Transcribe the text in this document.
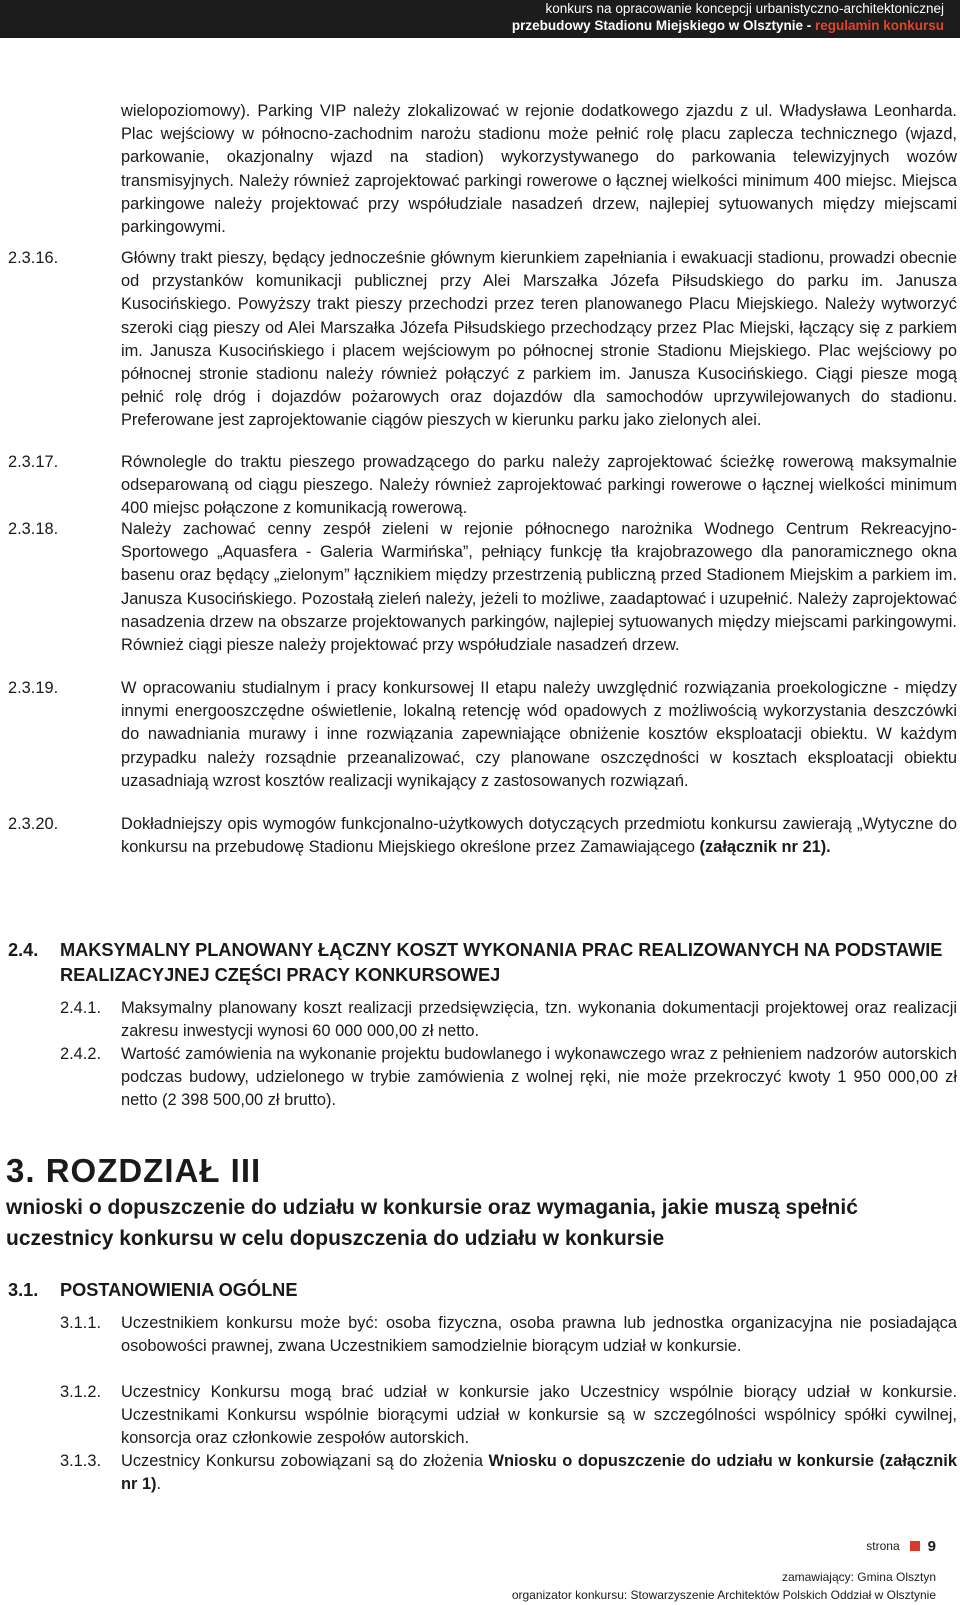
konkurs na opracowanie koncepcji urbanistyczno-architektonicznej
przebudowy Stadionu Miejskiego w Olsztynie - regulamin konkursu

wielopoziomowy). Parking VIP należy zlokalizować w rejonie dodatkowego zjazdu z ul. Władysława Leonharda. Plac wejściowy w północno-zachodnim narożu stadionu może pełnić rolę placu zaplecza technicznego (wjazd, parkowanie, okazjonalny wjazd na stadion) wykorzystywanego do parkowania telewizyjnych wozów transmisyjnych. Należy również zaprojektować parkingi rowerowe o łącznej wielkości minimum 400 miejsc. Miejsca parkingowe należy projektować przy współudziale nasadzeń drzew, najlepiej sytuowanych między miejscami parkingowymi.

2.3.16.	Główny trakt pieszy, będący jednocześnie głównym kierunkiem zapełniania i ewakuacji stadionu, prowadzi obecnie od przystanków komunikacji publicznej przy Alei Marszałka Józefa Piłsudskiego do parku im. Janusza Kusocińskiego. Powyższy trakt pieszy przechodzi przez teren planowanego Placu Miejskiego. Należy wytworzyć szeroki ciąg pieszy od Alei Marszałka Józefa Piłsudskiego przechodzący przez Plac Miejski, łączący się z parkiem im. Janusza Kusocińskiego i placem wejściowym po północnej stronie Stadionu Miejskiego. Plac wejściowy po północnej stronie stadionu należy również połączyć z parkiem im. Janusza Kusocińskiego. Ciągi piesze mogą pełnić rolę dróg i dojazdów pożarowych oraz dojazdów dla samochodów uprzywilejowanych do stadionu. Preferowane jest zaprojektowanie ciągów pieszych w kierunku parku jako zielonych alei.

2.3.17.	Równolegle do traktu pieszego prowadzącego do parku należy zaprojektować ścieżkę rowerową maksymalnie odseparowaną od ciągu pieszego. Należy również zaprojektować parkingi rowerowe o łącznej wielkości minimum 400 miejsc połączone z komunikacją rowerową.

2.3.18.	Należy zachować cenny zespół zieleni w rejonie północnego narożnika Wodnego Centrum Rekreacyjno-Sportowego „Aquasfera - Galeria Warmińska”, pełniący funkcję tła krajobrazowego dla panoramicznego okna basenu oraz będący „zielonym” łącznikiem między przestrzenią publiczną przed Stadionem Miejskim a parkiem im. Janusza Kusocińskiego. Pozostałą zieleń należy, jeżeli to możliwe, zaadaptować i uzupełnić. Należy zaprojektować nasadzenia drzew na obszarze projektowanych parkingów, najlepiej sytuowanych między miejscami parkingowymi. Również ciągi piesze należy projektować przy współudziale nasadzeń drzew.

2.3.19.	W opracowaniu studialnym i pracy konkursowej II etapu należy uwzględnić rozwiązania proekologiczne - między innymi energooszczędne oświetlenie, lokalną retencję wód opadowych z możliwością wykorzystania deszczówki do nawadniania murawy i inne rozwiązania zapewniające obniżenie kosztów eksploatacji obiektu. W każdym przypadku należy rozsądnie przeanalizować, czy planowane oszczędności w kosztach eksploatacji obiektu uzasadniają wzrost kosztów realizacji wynikający z zastosowanych rozwiązań.

2.3.20.	Dokładniejszy opis wymogów funkcjonalno-użytkowych dotyczących przedmiotu konkursu zawierają „Wytyczne do konkursu na przebudowę Stadionu Miejskiego określone przez Zamawiającego (załącznik nr 21).

2.4. MAKSYMALNY PLANOWANY ŁĄCZNY KOSZT WYKONANIA PRAC REALIZOWANYCH NA PODSTAWIE REALIZACYJNEJ CZĘŚCI PRACY KONKURSOWEJ
2.4.1. Maksymalny planowany koszt realizacji przedsięwzięcia, tzn. wykonania dokumentacji projektowej oraz realizacji zakresu inwestycji wynosi 60 000 000,00 zł netto.

2.4.2. Wartość zamówienia na wykonanie projektu budowlanego i wykonawczego wraz z pełnieniem nadzorów autorskich podczas budowy, udzielonego w trybie zamówienia z wolnej ręki, nie może przekroczyć kwoty 1 950 000,00 zł netto (2 398 500,00 zł brutto).

3. ROZDZIAŁ III
wnioski o dopuszczenie do udziału w konkursie oraz wymagania, jakie muszą spełnić uczestnicy konkursu w celu dopuszczenia do udziału w konkursie
3.1. POSTANOWIENIA OGÓLNE
3.1.1. Uczestnikiem konkursu może być: osoba fizyczna, osoba prawna lub jednostka organizacyjna nie posiadająca osobowości prawnej, zwana Uczestnikiem samodzielnie biorącym udział w konkursie.

3.1.2. Uczestnicy Konkursu mogą brać udział w konkursie jako Uczestnicy wspólnie biorący udział w konkursie. Uczestnikami Konkursu wspólnie biorącymi udział w konkursie są w szczególności wspólnicy spółki cywilnej, konsorcja oraz członkowie zespołów autorskich.

3.1.3. Uczestnicy Konkursu zobowiązani są do złożenia Wniosku o dopuszczenie do udziału w konkursie (załącznik nr 1).

strona 9
zamawiający: Gmina Olsztyn
organizator konkursu: Stowarzyszenie Architektów Polskich Oddział w Olsztynie
